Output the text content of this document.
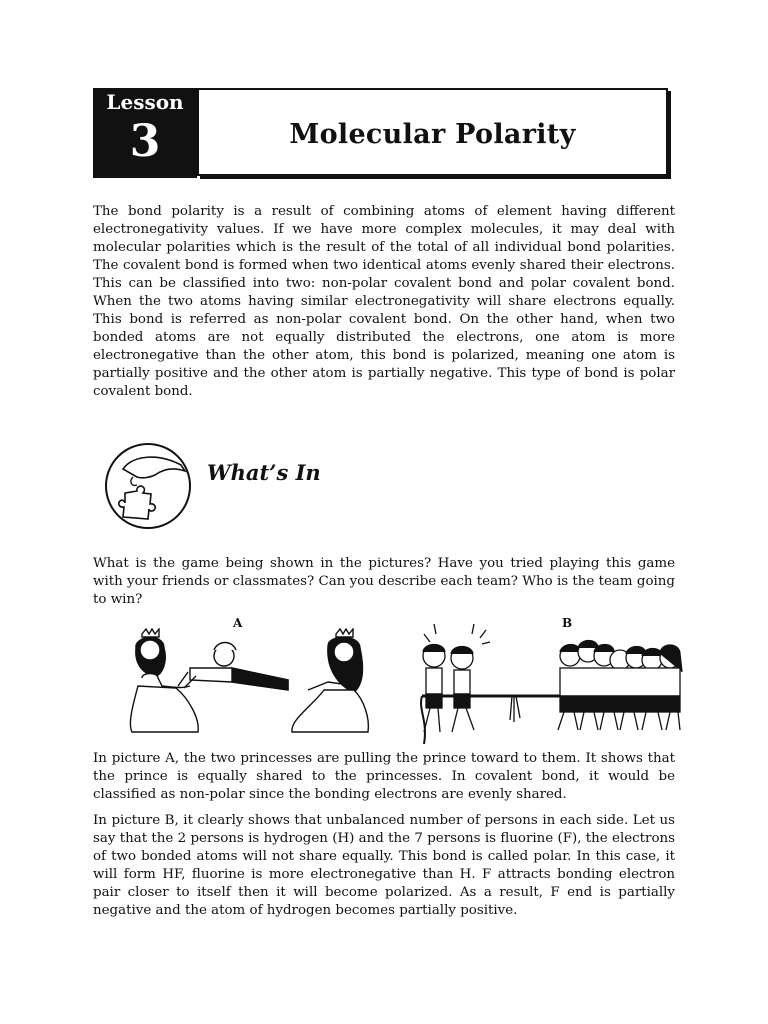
Lesson
3	Molecular Polarity

The bond polarity is a result of combining atoms of element having different electronegativity values. If we have more complex molecules, it may deal with molecular polarities which is the result of the total of all individual bond polarities. The covalent bond is formed when two identical atoms evenly shared their electrons. This can be classified into two: non-polar covalent bond and polar covalent bond. When the two atoms having similar electronegativity will share electrons equally. This bond is referred as non-polar covalent bond. On the other hand, when two bonded atoms are not equally distributed the electrons, one atom is more electronegative than the other atom, this bond is polarized, meaning one atom is partially positive and the other atom is partially negative. This type of bond is polar covalent bond.

What’s In

What is the game being shown in the pictures? Have you tried playing this game with your friends or classmates? Can you describe each team? Who is the team going to win?

A	B

In picture A, the two princesses are pulling the prince toward to them. It shows that the prince is equally shared to the princesses. In covalent bond, it would be classified as non-polar since the bonding electrons are evenly shared.

In picture B, it clearly shows that unbalanced number of persons in each side. Let us say that the 2 persons is hydrogen (H) and the 7 persons is fluorine (F), the electrons of two bonded atoms will not share equally. This bond is called polar. In this case, it will form HF, fluorine is more electronegative than H. F attracts bonding electron pair closer to itself then it will become polarized. As a result, F end is partially negative and the atom of hydrogen becomes partially positive.
